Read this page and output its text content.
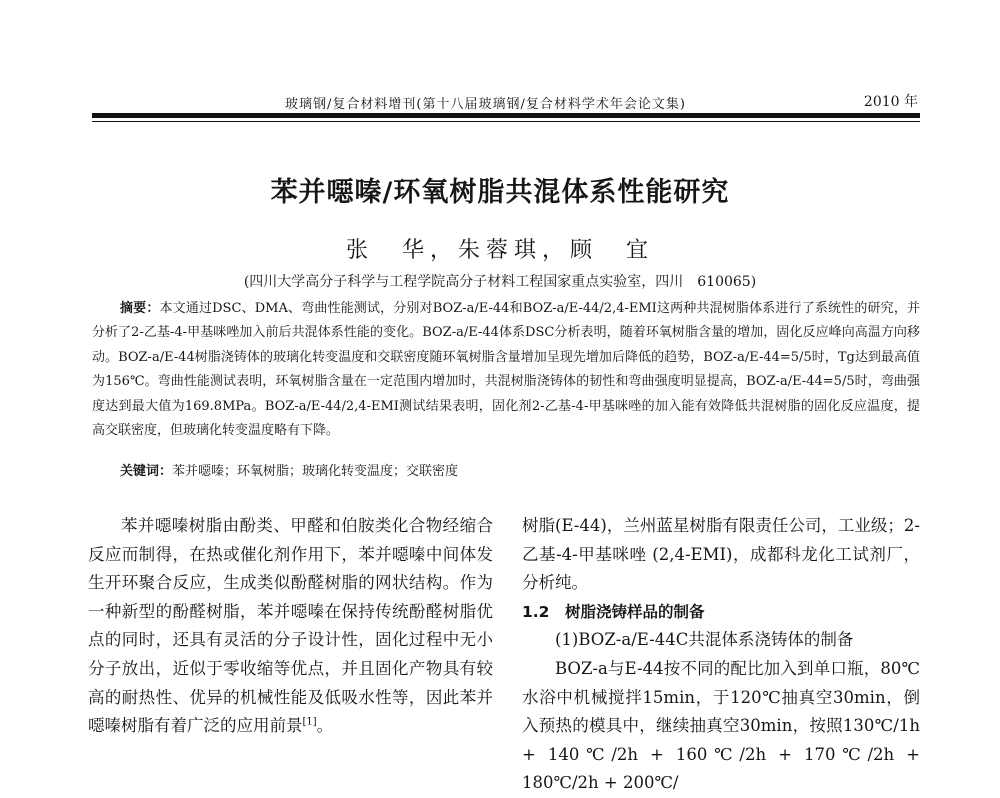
玻璃钢/复合材料增刊(第十八届玻璃钢/复合材料学术年会论文集)	2010 年
苯并噁嗪/环氧树脂共混体系性能研究
张　华，朱蓉琪，顾　宜
(四川大学高分子科学与工程学院高分子材料工程国家重点实验室，四川　610065)
摘要：本文通过DSC、DMA、弯曲性能测试，分别对BOZ-a/E-44和BOZ-a/E-44/2,4-EMI这两种共混树脂体系进行了系统性的研究，并分析了2-乙基-4-甲基咪唑加入前后共混体系性能的变化。BOZ-a/E-44体系DSC分析表明，随着环氧树脂含量的增加，固化反应峰向高温方向移动。BOZ-a/E-44树脂浇铸体的玻璃化转变温度和交联密度随环氧树脂含量增加呈现先增加后降低的趋势，BOZ-a/E-44=5/5时，Tg达到最高值为156℃。弯曲性能测试表明，环氧树脂含量在一定范围内增加时，共混树脂浇铸体的韧性和弯曲强度明显提高，BOZ-a/E-44=5/5时，弯曲强度达到最大值为169.8MPa。BOZ-a/E-44/2,4-EMI测试结果表明，固化剂2-乙基-4-甲基咪唑的加入能有效降低共混树脂的固化反应温度，提高交联密度，但玻璃化转变温度略有下降。
关键词：苯并噁嗪；环氧树脂；玻璃化转变温度；交联密度

苯并噁嗪树脂由酚类、甲醛和伯胺类化合物经缩合反应而制得，在热或催化剂作用下，苯并噁嗪中间体发生开环聚合反应，生成类似酚醛树脂的网状结构。作为一种新型的酚醛树脂，苯并噁嗪在保持传统酚醛树脂优点的同时，还具有灵活的分子设计性，固化过程中无小分子放出，近似于零收缩等优点，并且固化产物具有较高的耐热性、优异的机械性能及低吸水性等，因此苯并噁嗪树脂有着广泛的应用前景[1]。

树脂(E-44)，兰州蓝星树脂有限责任公司，工业级；2-乙基-4-甲基咪唑 (2,4-EMI)，成都科龙化工试剂厂，分析纯。

1.2　树脂浇铸样品的制备

(1)BOZ-a/E-44C共混体系浇铸体的制备

BOZ-a与E-44按不同的配比加入到单口瓶，80℃水浴中机械搅拌15min，于120℃抽真空30min，倒入预热的模具中，继续抽真空30min，按照130℃/1h + 140℃/2h + 160℃/2h + 170℃/2h + 180℃/2h + 200℃/
